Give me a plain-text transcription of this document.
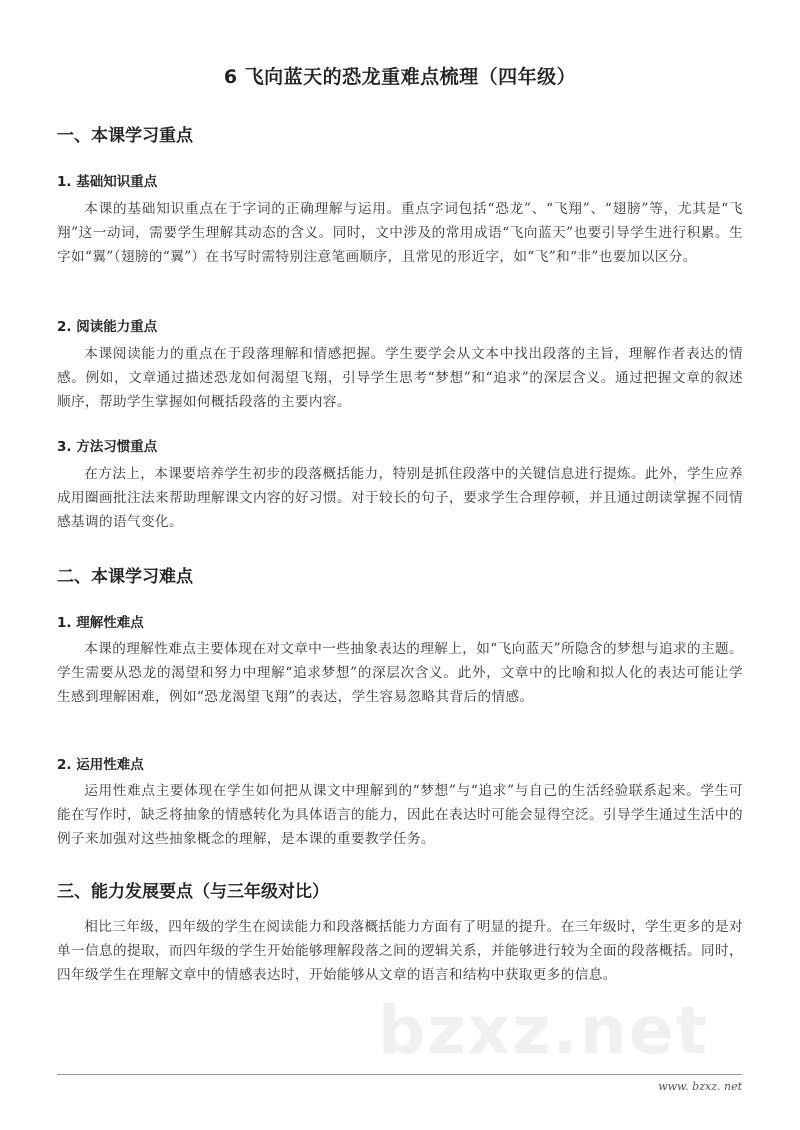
bzxz.net
6 飞向蓝天的恐龙重难点梳理（四年级）
一、本课学习重点
1. 基础知识重点
本课的基础知识重点在于字词的正确理解与运用。重点字词包括“恐龙”、“飞翔”、“翅膀”等，尤其是“飞翔”这一动词，需要学生理解其动态的含义。同时，文中涉及的常用成语“飞向蓝天”也要引导学生进行积累。生字如“翼”（翅膀的“翼”）在书写时需特别注意笔画顺序，且常见的形近字，如“飞”和“非”也要加以区分。
2. 阅读能力重点
本课阅读能力的重点在于段落理解和情感把握。学生要学会从文本中找出段落的主旨，理解作者表达的情感。例如，文章通过描述恐龙如何渴望飞翔，引导学生思考“梦想”和“追求”的深层含义。通过把握文章的叙述顺序，帮助学生掌握如何概括段落的主要内容。
3. 方法习惯重点
在方法上，本课要培养学生初步的段落概括能力，特别是抓住段落中的关键信息进行提炼。此外，学生应养成用圈画批注法来帮助理解课文内容的好习惯。对于较长的句子，要求学生合理停顿，并且通过朗读掌握不同情感基调的语气变化。
二、本课学习难点
1. 理解性难点
本课的理解性难点主要体现在对文章中一些抽象表达的理解上，如“飞向蓝天”所隐含的梦想与追求的主题。学生需要从恐龙的渴望和努力中理解“追求梦想”的深层次含义。此外，文章中的比喻和拟人化的表达可能让学生感到理解困难，例如“恐龙渴望飞翔”的表达，学生容易忽略其背后的情感。
2. 运用性难点
运用性难点主要体现在学生如何把从课文中理解到的“梦想”与“追求”与自己的生活经验联系起来。学生可能在写作时，缺乏将抽象的情感转化为具体语言的能力，因此在表达时可能会显得空泛。引导学生通过生活中的例子来加强对这些抽象概念的理解，是本课的重要教学任务。
三、能力发展要点（与三年级对比）
相比三年级，四年级的学生在阅读能力和段落概括能力方面有了明显的提升。在三年级时，学生更多的是对单一信息的提取，而四年级的学生开始能够理解段落之间的逻辑关系，并能够进行较为全面的段落概括。同时，四年级学生在理解文章中的情感表达时，开始能够从文章的语言和结构中获取更多的信息。
www. bzxz. net
